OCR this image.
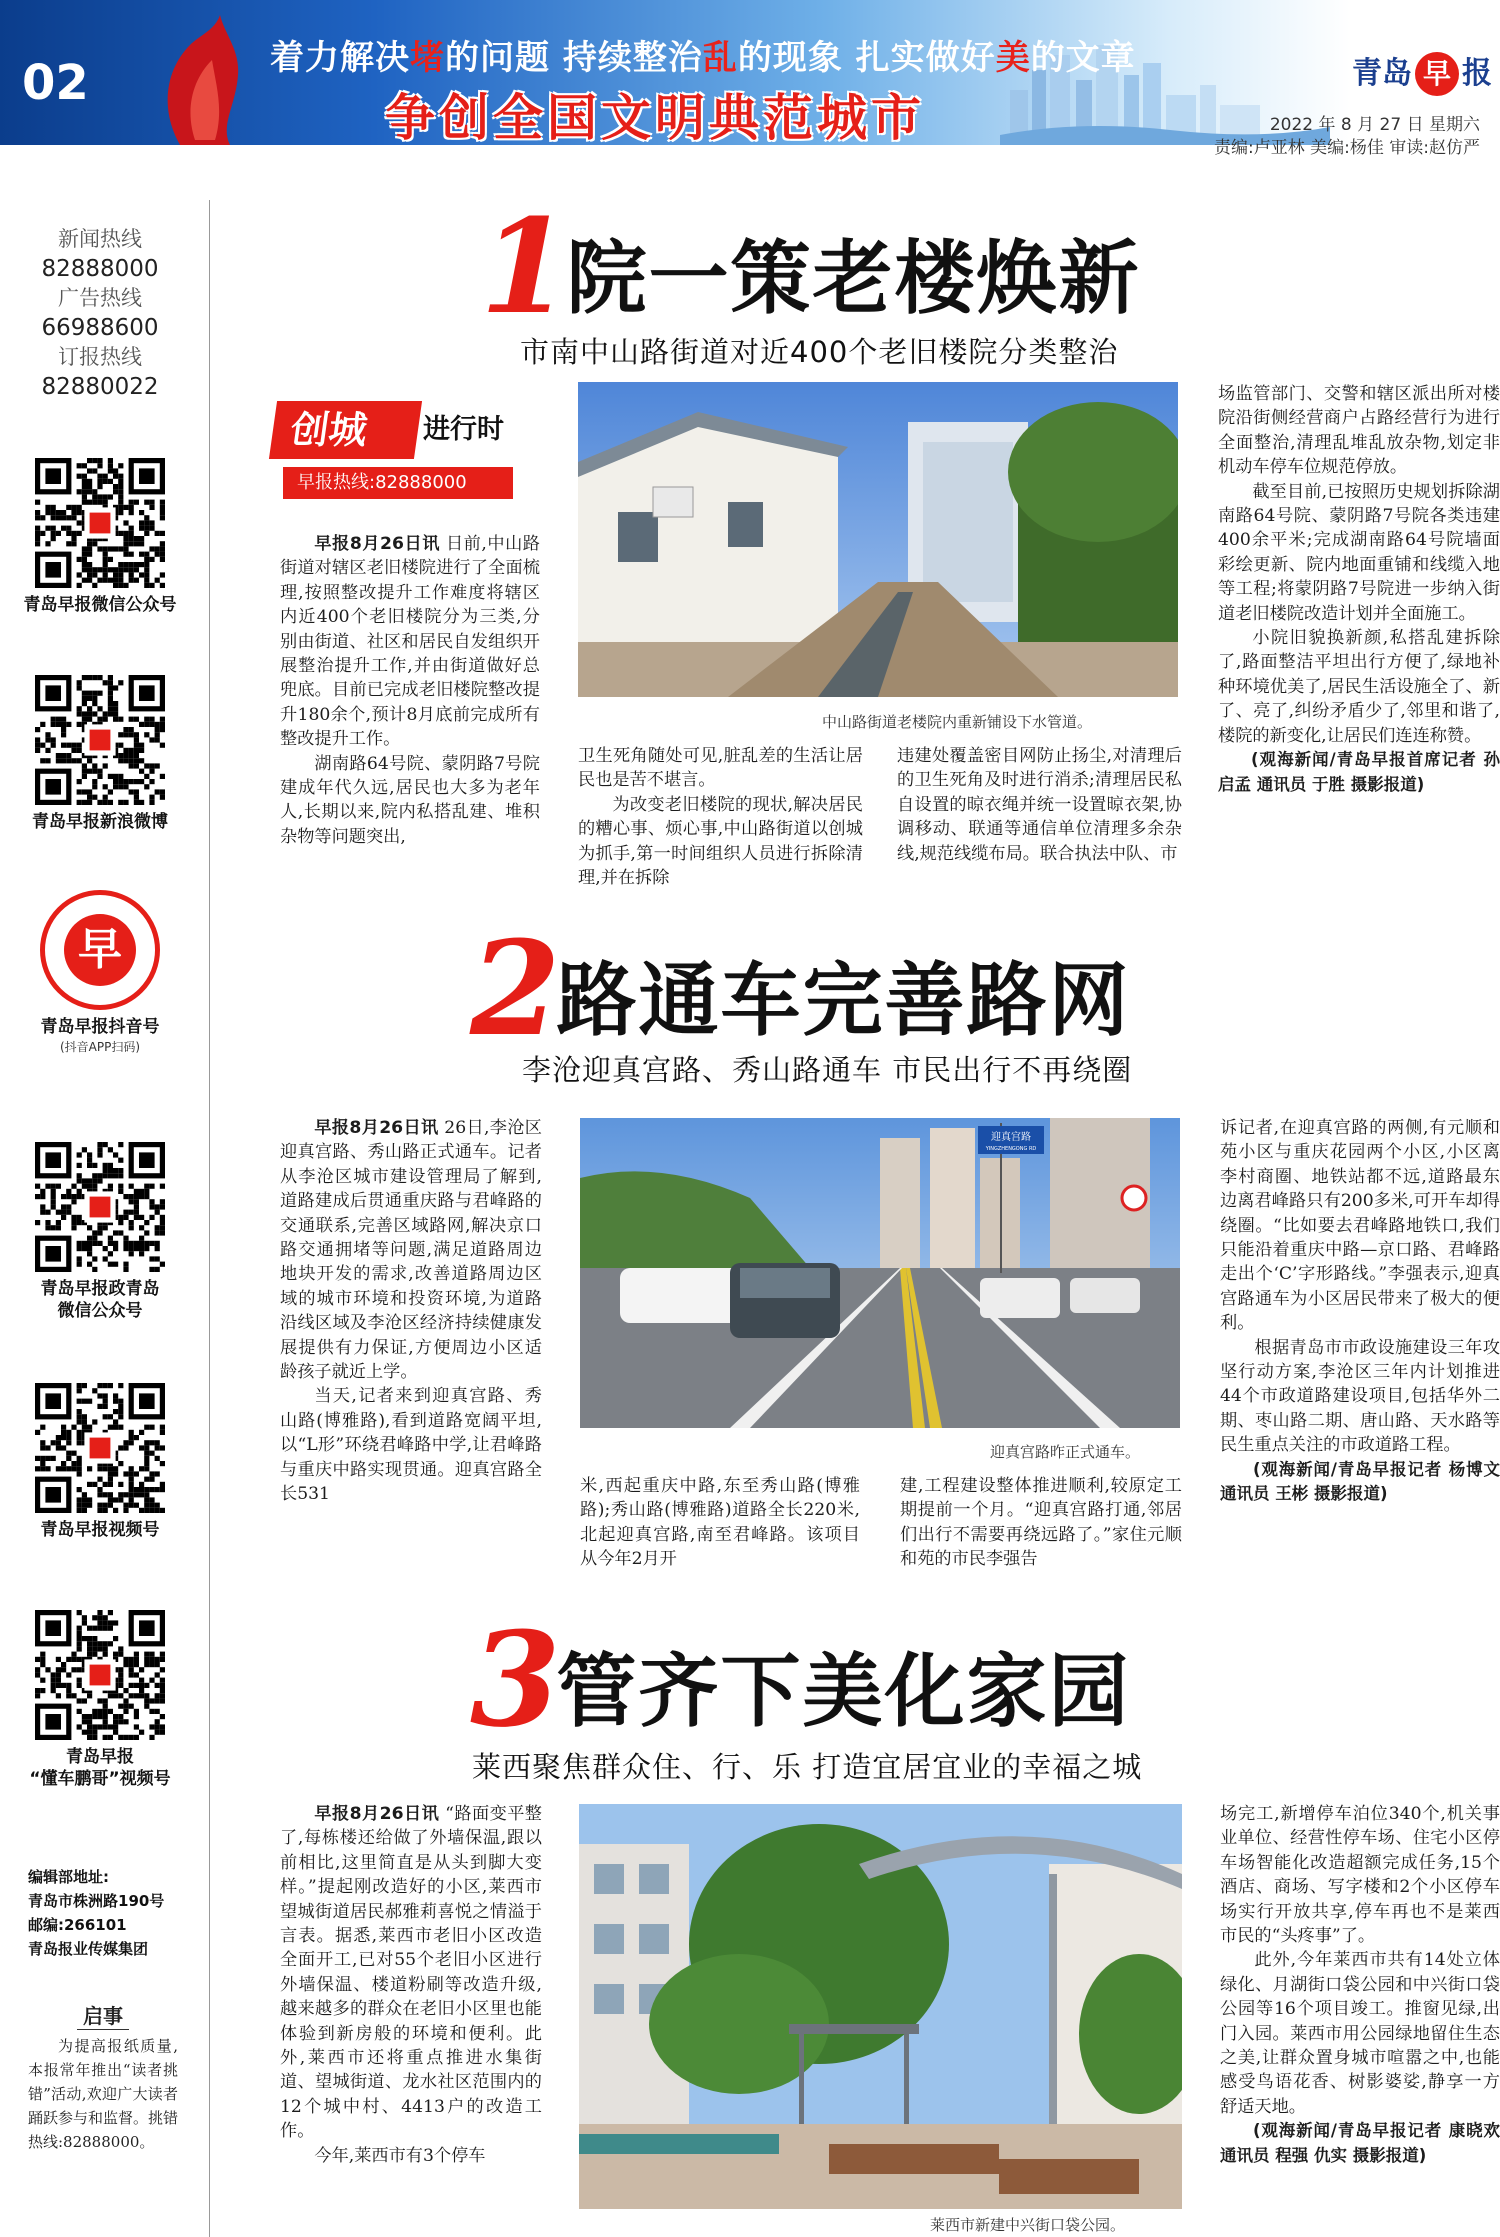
02	着力解决堵的问题 持续整治乱的现象 扎实做好美的文章
争创全国文明典范城市
青岛 早 报
2022 年 8 月 27 日 星期六
责编:卢亚林 美编:杨佳 审读:赵仿严
新闻热线
82888000
广告热线
66988600
订报热线
82880022
青岛早报微信公众号
青岛早报新浪微博
早
青岛早报抖音号
(抖音APP扫码)
青岛早报政青岛
微信公众号
青岛早报视频号
青岛早报
“懂车鹏哥”视频号
编辑部地址:
青岛市株洲路190号
邮编:266101
青岛报业传媒集团
启事

为提高报纸质量,本报常年推出“读者挑错”活动,欢迎广大读者踊跃参与和监督。挑错热线:82888000。

1院一策老楼焕新
市南中山路街道对近400个老旧楼院分类整治
创城	进行时
早报热线:82888000

早报8月26日讯 日前,中山路街道对辖区老旧楼院进行了全面梳理,按照整改提升工作难度将辖区内近400个老旧楼院分为三类,分别由街道、社区和居民自发组织开展整治提升工作,并由街道做好总兜底。目前已完成老旧楼院整改提升180余个,预计8月底前完成所有整改提升工作。

湖南路64号院、蒙阴路7号院建成年代久远,居民也大多为老年人,长期以来,院内私搭乱建、堆积杂物等问题突出,

中山路街道老楼院内重新铺设下水管道。

卫生死角随处可见,脏乱差的生活让居民也是苦不堪言。

为改变老旧楼院的现状,解决居民的糟心事、烦心事,中山路街道以创城为抓手,第一时间组织人员进行拆除清理,并在拆除

违建处覆盖密目网防止扬尘,对清理后的卫生死角及时进行消杀;清理居民私自设置的晾衣绳并统一设置晾衣架,协调移动、联通等通信单位清理多余杂线,规范线缆布局。联合执法中队、市

场监管部门、交警和辖区派出所对楼院沿街侧经营商户占路经营行为进行全面整治,清理乱堆乱放杂物,划定非机动车停车位规范停放。

截至目前,已按照历史规划拆除湖南路64号院、蒙阴路7号院各类违建400余平米;完成湖南路64号院墙面彩绘更新、院内地面重铺和线缆入地等工程;将蒙阴路7号院进一步纳入街道老旧楼院改造计划并全面施工。

小院旧貌换新颜,私搭乱建拆除了,路面整洁平坦出行方便了,绿地补种环境优美了,居民生活设施全了、新了、亮了,纠纷矛盾少了,邻里和谐了,楼院的新变化,让居民们连连称赞。

(观海新闻/青岛早报首席记者 孙启孟 通讯员 于胜 摄影报道)

2路通车完善路网
李沧迎真宫路、秀山路通车 市民出行不再绕圈

早报8月26日讯 26日,李沧区迎真宫路、秀山路正式通车。记者从李沧区城市建设管理局了解到,道路建成后贯通重庆路与君峰路的交通联系,完善区域路网,解决京口路交通拥堵等问题,满足道路周边地块开发的需求,改善道路周边区域的城市环境和投资环境,为道路沿线区域及李沧区经济持续健康发展提供有力保证,方便周边小区适龄孩子就近上学。

当天,记者来到迎真宫路、秀山路(博雅路),看到道路宽阔平坦,以“L形”环绕君峰路中学,让君峰路与重庆中路实现贯通。迎真宫路全长531

迎真宫路
YINGZHENGONG RD
迎真宫路昨正式通车。

米,西起重庆中路,东至秀山路(博雅路);秀山路(博雅路)道路全长220米,北起迎真宫路,南至君峰路。该项目从今年2月开

建,工程建设整体推进顺利,较原定工期提前一个月。“迎真宫路打通,邻居们出行不需要再绕远路了。”家住元顺和苑的市民李强告

诉记者,在迎真宫路的两侧,有元顺和苑小区与重庆花园两个小区,小区离李村商圈、地铁站都不远,道路最东边离君峰路只有200多米,可开车却得绕圈。“比如要去君峰路地铁口,我们只能沿着重庆中路—京口路、君峰路走出个‘C’字形路线。”李强表示,迎真宫路通车为小区居民带来了极大的便利。

根据青岛市市政设施建设三年攻坚行动方案,李沧区三年内计划推进44个市政道路建设项目,包括华外二期、枣山路二期、唐山路、天水路等民生重点关注的市政道路工程。

(观海新闻/青岛早报记者 杨博文 通讯员 王彬 摄影报道)

3管齐下美化家园
莱西聚焦群众住、行、乐 打造宜居宜业的幸福之城

早报8月26日讯 “路面变平整了,每栋楼还给做了外墙保温,跟以前相比,这里简直是从头到脚大变样。”提起刚改造好的小区,莱西市望城街道居民郝雅莉喜悦之情溢于言表。据悉,莱西市老旧小区改造全面开工,已对55个老旧小区进行外墙保温、楼道粉刷等改造升级,越来越多的群众在老旧小区里也能体验到新房般的环境和便利。此外,莱西市还将重点推进水集街道、望城街道、龙水社区范围内的12个城中村、4413户的改造工作。

今年,莱西市有3个停车

莱西市新建中兴街口袋公园。

场完工,新增停车泊位340个,机关事业单位、经营性停车场、住宅小区停车场智能化改造超额完成任务,15个酒店、商场、写字楼和2个小区停车场实行开放共享,停车再也不是莱西市民的“头疼事”了。

此外,今年莱西市共有14处立体绿化、月湖街口袋公园和中兴街口袋公园等16个项目竣工。推窗见绿,出门入园。莱西市用公园绿地留住生态之美,让群众置身城市喧嚣之中,也能感受鸟语花香、树影婆娑,静享一方舒适天地。

(观海新闻/青岛早报记者 康晓欢 通讯员 程强 仇实 摄影报道)
